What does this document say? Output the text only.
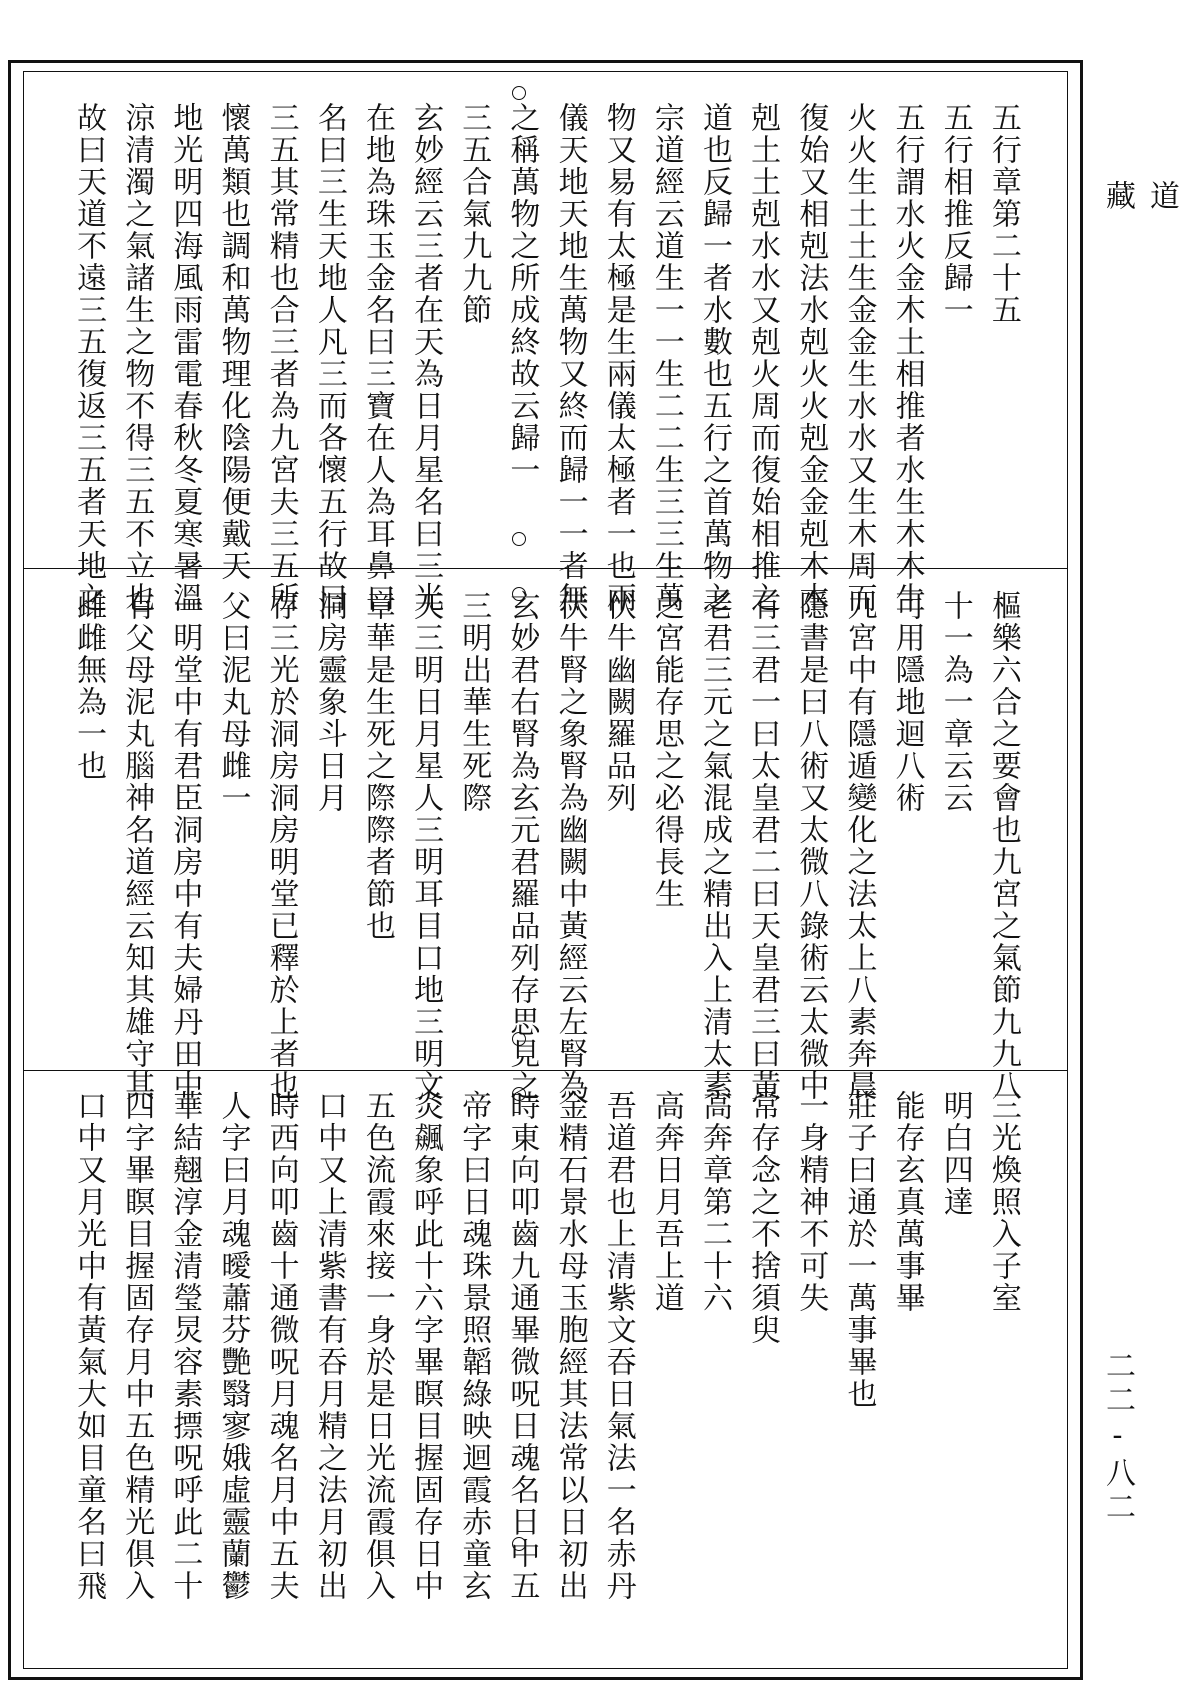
五行章第二十五
五行相推反歸一
五行謂水火金木土相推者水生木木生
火火生土土生金金生水水又生木周而
復始又相剋法水剋火火剋金金剋木木
剋土土剋水水又剋火周而復始相推之
道也反歸一者水數也五行之首萬物之
宗道經云道生一一生二二生三三生萬
物又易有太極是生兩儀太極者一也兩
儀天地天地生萬物又終而歸一一者無
之稱萬物之所成終故云歸一
三五合氣九九節
玄妙經云三者在天為日月星名曰三光
在地為珠玉金名曰三寶在人為耳鼻口
名曰三生天地人凡三而各懷五行故曰
三五其常精也合三者為九宮夫三五所
懷萬類也調和萬物理化陰陽便戴天
地光明四海風雨雷電春秋冬夏寒暑溫
涼清濁之氣諸生之物不得三五不立也
故曰天道不遠三五復返三五者天地之
樞樂六合之要會也九宮之氣節九九八
十一為一章云云
可用隱地迴八術
九宮中有隱遁變化之法太上八素奔晨
隱書是曰八術又太微八錄術云太微中
有三君一曰太皇君二曰天皇君三曰黃
老君三元之氣混成之精出入上清太素
之宮能存思之必得長生
伏牛幽闕羅品列
伏牛腎之象腎為幽闕中黃經云左腎為
玄妙君右腎為玄元君羅品列存思見之
三明出華生死際
天三明日月星人三明耳目口地三明文
章華是生死之際際者節也
洞房靈象斗日月
存三光於洞房洞房明堂已釋於上者也
父曰泥丸母雌一
一明堂中有君臣洞房中有夫婦丹田中
有父母泥丸腦神名道經云知其雄守其
雌雌無為一也
三光煥照入子室
明白四達
能存玄真萬事畢
莊子曰通於一萬事畢也
一身精神不可失
常存念之不捨須臾
高奔章第二十六
高奔日月吾上道
吾道君也上清紫文吞日氣法一名赤丹
金精石景水母玉胞經其法常以日初出
時東向叩齒九通畢微呪日魂名日中五
帝字曰日魂珠景照韜綠映迴霞赤童玄
炎飆象呼此十六字畢瞑目握固存日中
五色流霞來接一身於是日光流霞俱入
口中又上清紫書有吞月精之法月初出
時西向叩齒十通微呪月魂名月中五夫
人字曰月魂曖蕭芬艷翳寥娥虛靈蘭鬱
華結翹淳金清瑩炅容素摽呪呼此二十
四字畢瞑目握固存月中五色精光俱入
口中又月光中有黃氣大如目童名曰飛
道 藏
二二-八二
